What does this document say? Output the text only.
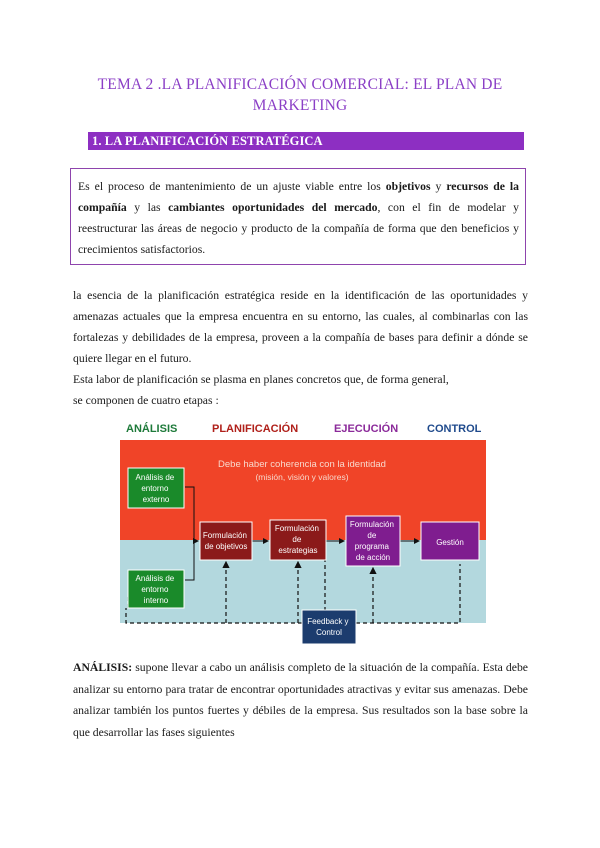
TEMA 2 .LA PLANIFICACIÓN COMERCIAL: EL PLAN DE
MARKETING
1. LA PLANIFICACIÓN ESTRATÉGICA
Es el proceso de mantenimiento de un ajuste viable entre los objetivos y recursos de la compañía y las cambiantes oportunidades del mercado, con el fin de modelar y reestructurar las áreas de negocio y producto de la compañía de forma que den beneficios y crecimientos satisfactorios.

la esencia de la planificación estratégica reside en la identificación de las oportunidades y amenazas actuales que la empresa encuentra en su entorno, las cuales, al combinarlas con las fortalezas y debilidades de la empresa, proveen a la compañía de bases para definir a dónde se quiere llegar en el futuro.

Esta labor de planificación se plasma en planes concretos que, de forma general,

se componen de cuatro etapas :

ANÁLISIS	PLANIFICACIÓN	EJECUCIÓN	CONTROL
Debe haber coherencia con la identidad
(misión, visión y valores)
Análisis de entorno externo
Análisis de entorno interno
Formulación de objetivos
Formulación de estrategias
Formulación de programa de acción
Gestión
Feedback y Control

ANÁLISIS: supone llevar a cabo un análisis completo de la situación de la compañía. Esta debe analizar su entorno para tratar de encontrar oportunidades atractivas y evitar sus amenazas. Debe analizar también los puntos fuertes y débiles de la empresa. Sus resultados son la base sobre la que desarrollar las fases siguientes
